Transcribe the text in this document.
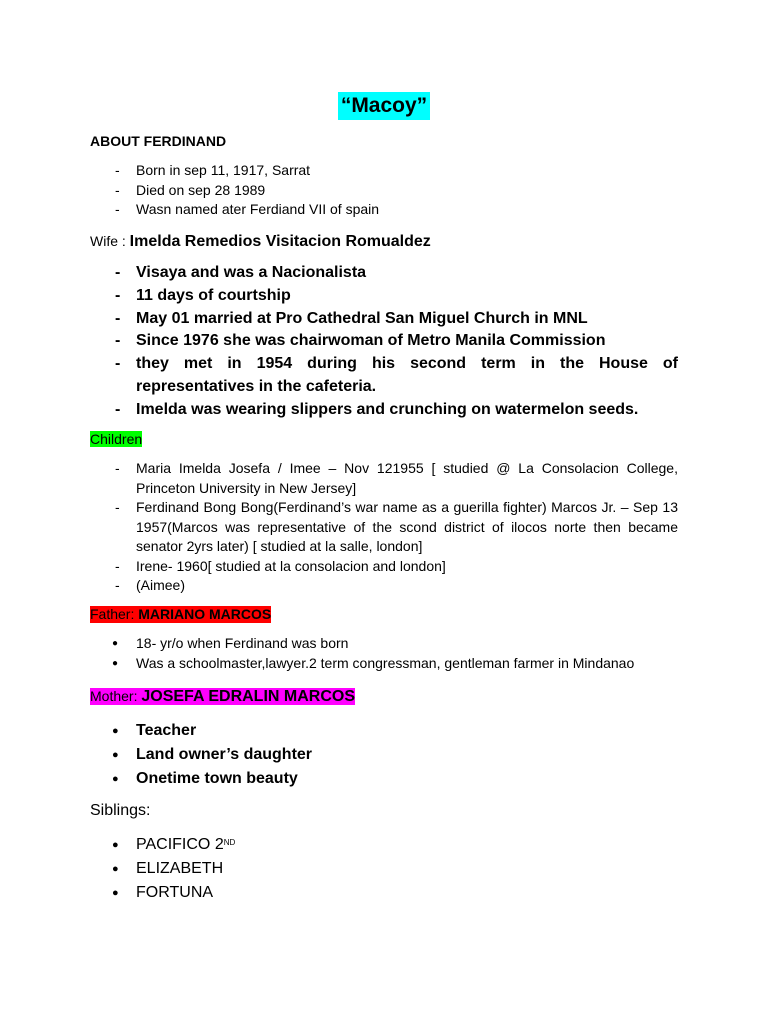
“Macoy”
ABOUT FERDINAND
- Born in sep 11, 1917, Sarrat
- Died on sep 28 1989
- Wasn named ater Ferdiand VII of spain
Wife : Imelda Remedios Visitacion Romualdez
- Visaya and was a Nacionalista
- 11 days of courtship
- May 01 married at Pro Cathedral San Miguel Church in MNL
- Since 1976 she was chairwoman of Metro Manila Commission
- they met in 1954 during his second term in the House of representatives in the cafeteria.
- Imelda was wearing slippers and crunching on watermelon seeds.
Children
- Maria Imelda Josefa / Imee – Nov 121955 [ studied @ La Consolacion College, Princeton University in New Jersey]
- Ferdinand Bong Bong(Ferdinand’s war name as a guerilla fighter) Marcos Jr. – Sep 13 1957(Marcos was representative of the scond district of ilocos norte then became senator 2yrs later) [ studied at la salle, london]
- Irene- 1960[ studied at la consolacion and london]
- (Aimee)
Father: MARIANO MARCOS
● 18- yr/o when Ferdinand was born
● Was a schoolmaster,lawyer.2 term congressman, gentleman farmer in Mindanao
Mother: JOSEFA EDRALIN MARCOS
● Teacher
● Land owner’s daughter
● Onetime town beauty
Siblings:
● PACIFICO 2ND
● ELIZABETH
● FORTUNA
